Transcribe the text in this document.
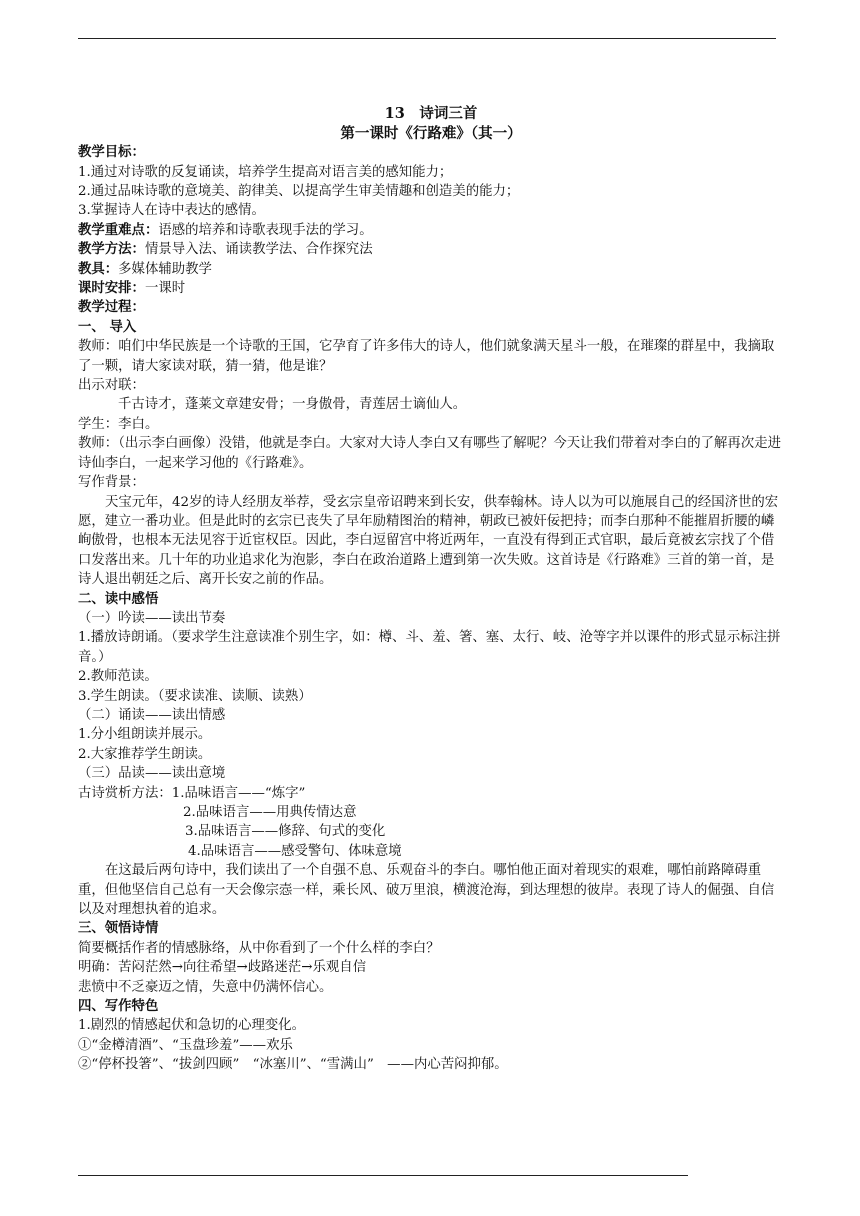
13　诗词三首
第一课时《行路难》（其一）
教学目标：
1.通过对诗歌的反复诵读，培养学生提高对语言美的感知能力；
2.通过品味诗歌的意境美、韵律美、以提高学生审美情趣和创造美的能力；
3.掌握诗人在诗中表达的感情。
教学重难点：语感的培养和诗歌表现手法的学习。
教学方法：情景导入法、诵读教学法、合作探究法
教具：多媒体辅助教学
课时安排：一课时
教学过程：
一、 导入
教师：咱们中华民族是一个诗歌的王国，它孕育了许多伟大的诗人，他们就象满天星斗一般，在璀璨的群星中，我摘取了一颗，请大家读对联，猜一猜，他是谁？
出示对联：
千古诗才，蓬莱文章建安骨；一身傲骨，青莲居士谪仙人。
学生：李白。
教师：（出示李白画像）没错，他就是李白。大家对大诗人李白又有哪些了解呢？今天让我们带着对李白的了解再次走进诗仙李白，一起来学习他的《行路难》。
写作背景：
天宝元年，42岁的诗人经朋友举荐，受玄宗皇帝诏聘来到长安，供奉翰林。诗人以为可以施展自己的经国济世的宏愿，建立一番功业。但是此时的玄宗已丧失了早年励精图治的精神，朝政已被奸佞把持；而李白那种不能摧眉折腰的嶙峋傲骨，也根本无法见容于近宦权臣。因此，李白逗留宫中将近两年，一直没有得到正式官职，最后竟被玄宗找了个借口发落出来。几十年的功业追求化为泡影，李白在政治道路上遭到第一次失败。这首诗是《行路难》三首的第一首，是诗人退出朝廷之后、离开长安之前的作品。
二、读中感悟
（一）吟读——读出节奏
1.播放诗朗诵。（要求学生注意读准个别生字，如：樽、斗、羞、箸、塞、太行、岐、沧等字并以课件的形式显示标注拼音。）
2.教师范读。
3.学生朗读。（要求读准、读顺、读熟）
（二）诵读——读出情感
1.分小组朗读并展示。
2.大家推荐学生朗读。
（三）品读——读出意境
古诗赏析方法：1.品味语言——“炼字”
2.品味语言——用典传情达意
3.品味语言——修辞、句式的变化
4.品味语言——感受警句、体味意境
在这最后两句诗中，我们读出了一个自强不息、乐观奋斗的李白。哪怕他正面对着现实的艰难，哪怕前路障碍重重，但他坚信自己总有一天会像宗悫一样，乘长风、破万里浪，横渡沧海，到达理想的彼岸。表现了诗人的倔强、自信以及对理想执着的追求。
三、领悟诗情
简要概括作者的情感脉络，从中你看到了一个什么样的李白？
明确：苦闷茫然→向往希望→歧路迷茫→乐观自信
悲愤中不乏豪迈之情，失意中仍满怀信心。
四、写作特色
1.剧烈的情感起伏和急切的心理变化。
①“金樽清酒”、“玉盘珍羞”——欢乐
②“停杯投箸”、“拔剑四顾”　“冰塞川”、“雪满山”　——内心苦闷抑郁。
